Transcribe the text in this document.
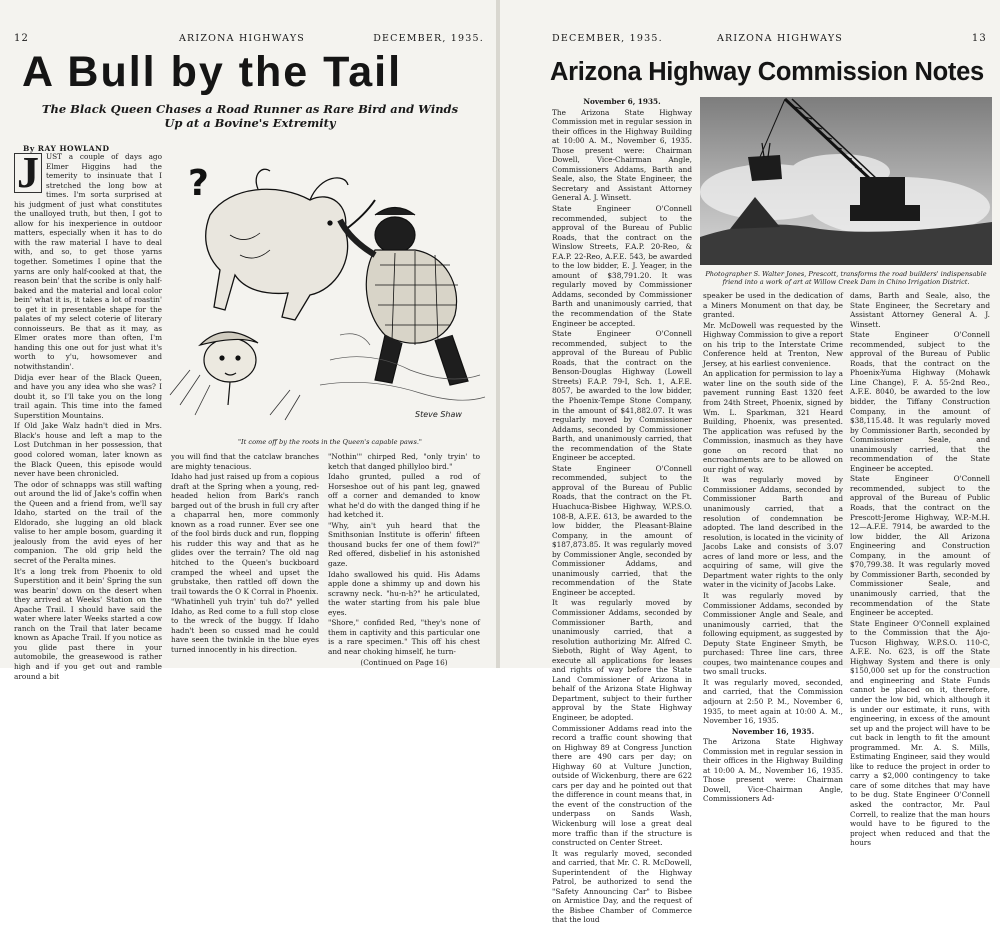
12	ARIZONA HIGHWAYS	DECEMBER, 1935.
A Bull by the Tail
The Black Queen Chases a Road Runner as Rare Bird and Winds Up at a Bovine's Extremity
By RAY HOWLAND
?
Steve Shaw

J UST a couple of days ago Elmer Higgins had the temerity to insinuate that I stretched the long bow at times. I'm sorta surprised at his judgment of just what constitutes the unalloyed truth, but then, I got to allow for his inexperience in outdoor matters, especially when it has to do with the raw material I have to deal with, and so, to get those yarns together. Sometimes I opine that the yarns are only half-cooked at that, the reason bein' that the scribe is only half-baked and the material and local color bein' what it is, it takes a lot of roastin' to get it in presentable shape for the palates of my select coterie of literary connoisseurs. Be that as it may, as Elmer orates more than often, I'm handing this one out for just what it's worth to y'u, howsomever and notwithstandin'.

Didja ever hear of the Black Queen, and have you any idea who she was? I doubt it, so I'll take you on the long trail again. This time into the famed Superstition Mountains.

If Old Jake Walz hadn't died in Mrs. Black's house and left a map to the Lost Dutchman in her possession, that good colored woman, later known as the Black Queen, this episode would never have been chronicled.

The odor of schnapps was still wafting out around the lid of Jake's coffin when the Queen and a friend from, we'll say Idaho, started on the trail of the Eldorado, she lugging an old black valise to her ample bosom, guarding it jealously from the avid eyes of her companion. The old grip held the secret of the Peralta mines.

It's a long trek from Phoenix to old Superstition and it bein' Spring the sun was bearin' down on the desert when they arrived at Weeks' Station on the Apache Trail. I should have said the water where later Weeks started a cow ranch on the Trail that later became known as Apache Trail. If you notice as you glide past there in your automobile, the greasewood is rather high and if you get out and ramble around a bit

"It come off by the roots in the Queen's capable paws."

you will find that the catclaw branches are mighty tenacious.

Idaho had just raised up from a copious draft at the Spring when a young, red-headed helion from Bark's ranch barged out of the brush in full cry after a chaparral hen, more commonly known as a road runner. Ever see one of the fool birds duck and run, flopping his rudder this way and that as he glides over the terrain? The old nag hitched to the Queen's buckboard cramped the wheel and upset the grubstake, then rattled off down the trail towards the O K Corral in Phoenix.

"Whatinhell yuh tryin' tuh do?" yelled Idaho, as Red come to a full stop close to the wreck of the buggy. If Idaho hadn't been so cussed mad he could have seen the twinkle in the blue eyes turned innocently in his direction.

"Nothin'" chirped Red, "only tryin' to ketch that danged phillyloo bird."

Idaho grunted, pulled a rod of Horseshoe out of his pant leg, gnawed off a corner and demanded to know what he'd do with the danged thing if he had ketched it.

"Why, ain't yuh heard that the Smithsonian Institute is offerin' fifteen thousand bucks fer one of them fowl?" Red offered, disbelief in his astonished gaze.

Idaho swallowed his quid. His Adams apple done a shimmy up and down his scrawny neck. "hu-n-h?" he articulated, the water starting from his pale blue eyes.

"Shore," confided Red, "they's none of them in captivity and this particular one is a rare specimen." This off his chest and near choking himself, he turn-

(Continued on Page 16)

DECEMBER, 1935.	ARIZONA HIGHWAYS	13
Arizona Highway Commission Notes

November 6, 1935.

The Arizona State Highway Commission met in regular session in their offices in the Highway Building at 10:00 A. M., November 6, 1935. Those present were: Chairman Dowell, Vice-Chairman Angle, Commissioners Addams, Barth and Seale, also, the State Engineer, the Secretary and Assistant Attorney General A. J. Winsett.

State Engineer O'Connell recommended, subject to the approval of the Bureau of Public Roads, that the contract on the Winslow Streets, F.A.P. 20-Reo, & F.A.P. 22-Reo, A.F.E. 543, be awarded to the low bidder, E. J. Yeager, in the amount of $38,791.20. It was regularly moved by Commissioner Addams, seconded by Commissioner Barth and unanimously carried, that the recommendation of the State Engineer be accepted.

State Engineer O'Connell recommended, subject to the approval of the Bureau of Public Roads, that the contract on the Benson-Douglas Highway (Lowell Streets) F.A.P. 79-I, Sch. 1, A.F.E. 8057, be awarded to the low bidder, the Phoenix-Tempe Stone Company, in the amount of $41,882.07. It was regularly moved by Commissioner Addams, seconded by Commissioner Barth, and unanimously carried, that the recommendation of the State Engineer be accepted.

State Engineer O'Connell recommended, subject to the approval of the Bureau of Public Roads, that the contract on the Ft. Huachuca-Bisbee Highway, W.P.S.O. 108-B, A.F.E. 613, be awarded to the low bidder, the Pleasant-Blaine Company, in the amount of $187,873.85. It was regularly moved by Commissioner Angle, seconded by Commissioner Addams, and unanimously carried, that the recommendation of the State Engineer be accepted.

It was regularly moved by Commissioner Addams, seconded by Commissioner Barth, and unanimously carried, that a resolution authorizing Mr. Alfred C. Sieboth, Right of Way Agent, to execute all applications for leases and rights of way before the State Land Commissioner of Arizona in behalf of the Arizona State Highway Department, subject to their further approval by the State Highway Engineer, be adopted.

Commissioner Addams read into the record a traffic count showing that on Highway 89 at Congress Junction there are 490 cars per day; on Highway 60 at Vulture Junction, outside of Wickenburg, there are 622 cars per day and he pointed out that the difference in count means that, in the event of the construction of the underpass on Sands Wash, Wickenburg will lose a great deal more traffic than if the structure is constructed on Center Street.

It was regularly moved, seconded and carried, that Mr. C. R. McDowell, Superintendent of the Highway Patrol, be authorized to send the "Safety Announcing Car" to Bisbee on Armistice Day, and the request of the Bisbee Chamber of Commerce that the loud

Photographer S. Walter Jones, Prescott, transforms the road builders' indispensable friend into a work of art at Willow Creek Dam in Chino Irrigation District.

speaker be used in the dedication of a Miners Monument on that day, be granted.

Mr. McDowell was requested by the Highway Commission to give a report on his trip to the Interstate Crime Conference held at Trenton, New Jersey, at his earliest convenience.

An application for permission to lay a water line on the south side of the pavement running East 1320 feet from 24th Street, Phoenix, signed by Wm. L. Sparkman, 321 Heard Building, Phoenix, was presented. The application was refused by the Commission, inasmuch as they have gone on record that no encroachments are to be allowed on our right of way.

It was regularly moved by Commissioner Addams, seconded by Commissioner Barth and unanimously carried, that a resolution of condemnation be adopted. The land described in the resolution, is located in the vicinity of Jacobs Lake and consists of 3.07 acres of land more or less, and the acquiring of same, will give the Department water rights to the only water in the vicinity of Jacobs Lake.

It was regularly moved by Commissioner Addams, seconded by Commissioner Angle and Seale, and unanimously carried, that the following equipment, as suggested by Deputy State Engineer Smyth, be purchased: Three line cars, three coupes, two maintenance coupes and two small trucks.

It was regularly moved, seconded, and carried, that the Commission adjourn at 2:50 P. M., November 6, 1935, to meet again at 10:00 A. M., November 16, 1935.

November 16, 1935.

The Arizona State Highway Commission met in regular session in their offices in the Highway Building at 10:00 A. M., November 16, 1935. Those present were: Chairman Dowell, Vice-Chairman Angle, Commissioners Ad-

dams, Barth and Seale, also, the State Engineer, the Secretary and Assistant Attorney General A. J. Winsett.

State Engineer O'Connell recommended, subject to the approval of the Bureau of Public Roads, that the contract on the Phoenix-Yuma Highway (Mohawk Line Change), F. A. 55-2nd Reo., A.F.E. 8040, be awarded to the low bidder, the Tiffany Construction Company, in the amount of $38,115.48. It was regularly moved by Commissioner Barth, seconded by Commissioner Seale, and unanimously carried, that the recommendation of the State Engineer be accepted.

State Engineer O'Connell recommended, subject to the approval of the Bureau of Public Roads, that the contract on the Prescott-Jerome Highway, W.P.-M.H. 12—A.F.E. 7914, be awarded to the low bidder, the All Arizona Engineering and Construction Company, in the amount of $70,799.38. It was regularly moved by Commissioner Barth, seconded by Commissioner Seale, and unanimously carried, that the recommendation of the State Engineer be accepted.

State Engineer O'Connell explained to the Commission that the Ajo-Tucson Highway, W.P.S.O. 110-C, A.F.E. No. 623, is off the State Highway System and there is only $150,000 set up for the construction and engineering and State Funds cannot be placed on it, therefore, under the low bid, which although it is under our estimate, it runs, with engineering, in excess of the amount set up and the project will have to be cut back in length to fit the amount programmed. Mr. A. S. Mills, Estimating Engineer, said they would like to reduce the project in order to carry a $2,000 contingency to take care of some ditches that may have to be dug. State Engineer O'Connell asked the contractor, Mr. Paul Correll, to realize that the man hours would have to be figured to the project when reduced and that the hours
